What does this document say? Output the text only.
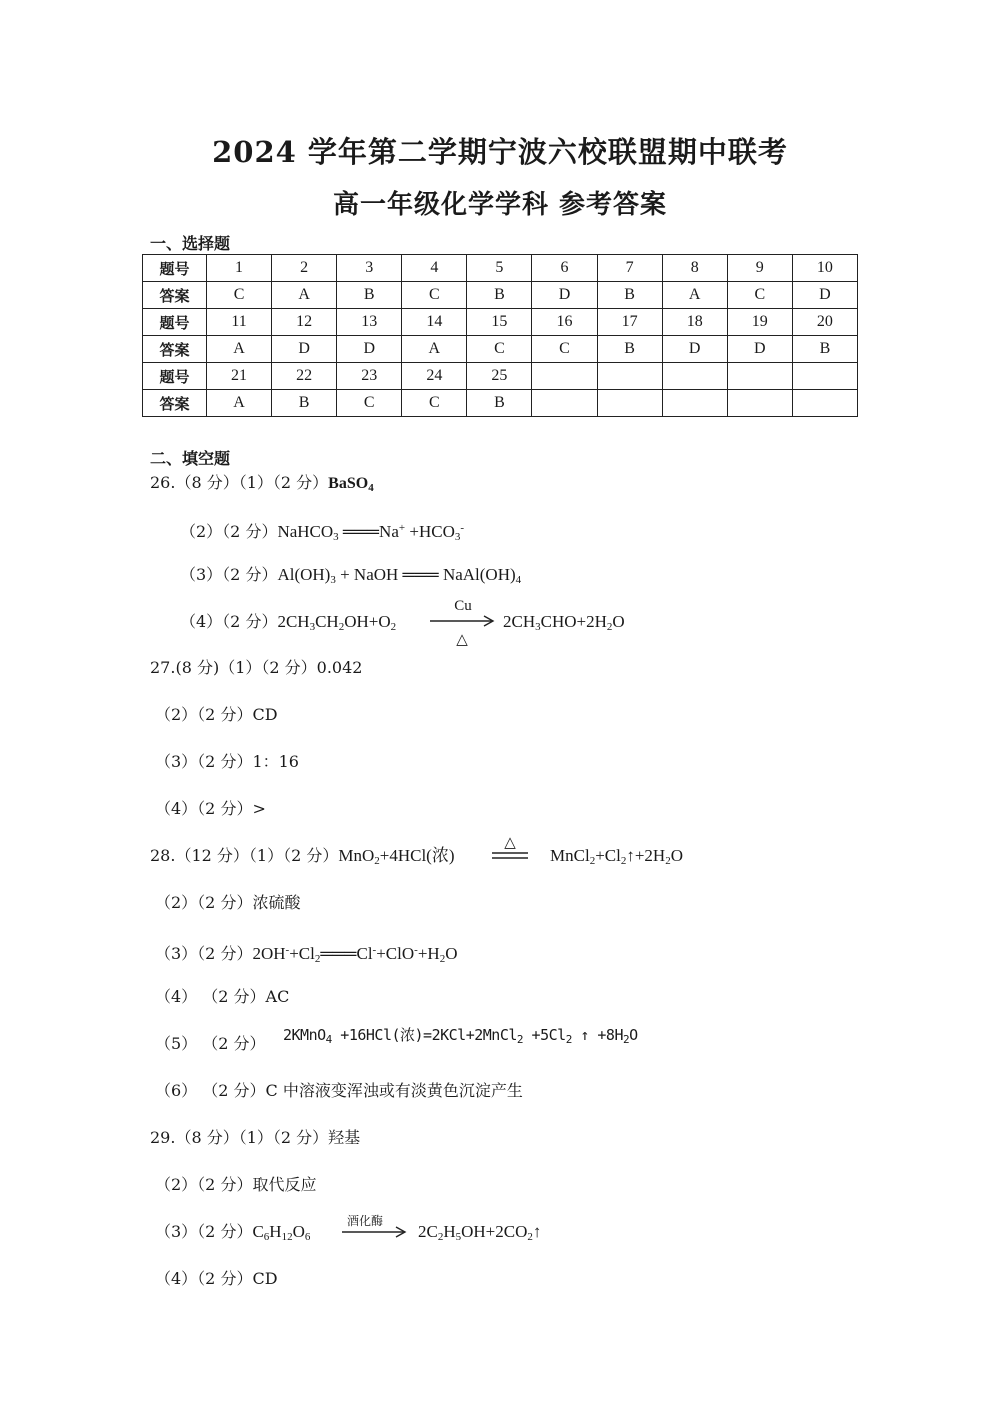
2024 学年第二学期宁波六校联盟期中联考
高一年级化学学科 参考答案
一、选择题
题号	1	2	3	4	5	6	7	8	9	10
答案	C	A	B	C	B	D	B	A	C	D
题号	11	12	13	14	15	16	17	18	19	20
答案	A	D	D	A	C	C	B	D	D	B
题号	21	22	23	24	25					
答案	A	B	C	C	B					
二、填空题
26.（8 分）（1）（2 分）BaSO$_4$
（2）（2 分）NaHCO$_3$ ═══Na+ $+HCO_3^-$
（3）（2 分）$Al(OH)_3$ + NaOH ═══ $NaAl(OH)_4$
（4）（2 分）$2CH_3CH_2OH+O_2$
Cu
△
$2CH_3CHO+2H_2O$
27.(8 分)（1）（2 分）0.042
（2）（2 分）CD
（3）（2 分）1：16
（4）（2 分）>
28.（12 分）（1）（2 分）MnO$_2$+4HCl(浓)
△
$MnCl_2+Cl_2↑+2H_2O$
（2）（2 分）浓硫酸
（3）（2 分）$2OH^-+Cl_2═══Cl^-+ClO^-+H_2O$
（4） （2 分）AC
（5） （2 分） 2KMnO$_4$ +16HCl(浓)=2KCl+2MnCl$_2$ $+5Cl_2$ ↑ $+8H_2O$
（6） （2 分）C 中溶液变浑浊或有淡黄色沉淀产生
29.（8 分）（1）（2 分）羟基
（2）（2 分）取代反应
（3）（2 分）$C_6H_{12}O_6$
酒化酶
$2C_2H_5OH+2CO_2↑$
（4）（2 分）CD
